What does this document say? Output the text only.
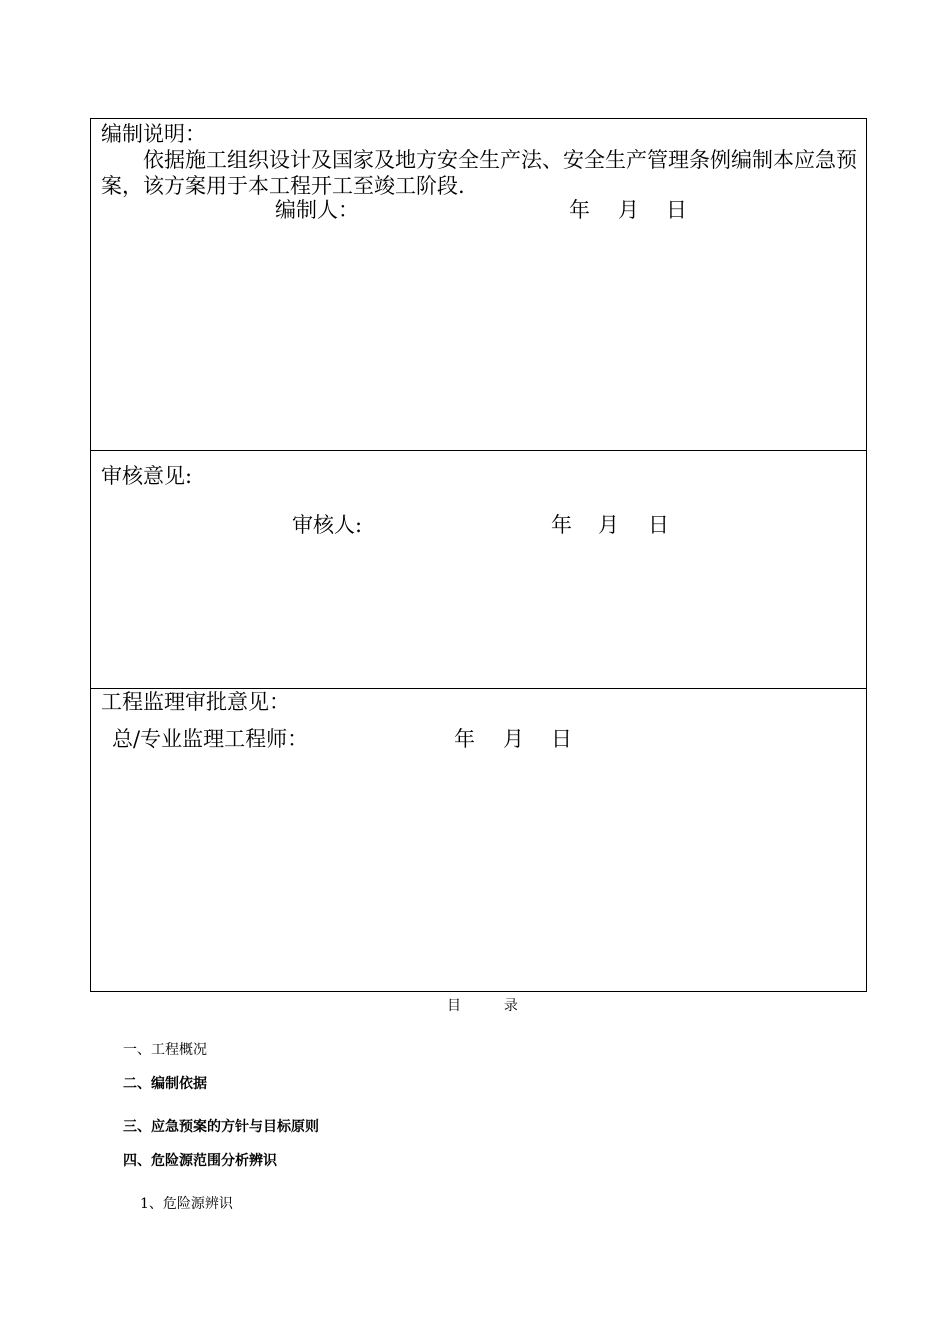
编制说明：
依据施工组织设计及国家及地方安全生产法、安全生产管理条例编制本应急预案，该方案用于本工程开工至竣工阶段.
编制人：	年 月 日
审核意见:
审核人:	年 月 日
工程监理审批意见：
总/专业监理工程师：	年 月 日
目	录
一、工程概况
二、编制依据
三、应急预案的方针与目标原则
四、危险源范围分析辨识
1、危险源辨识
